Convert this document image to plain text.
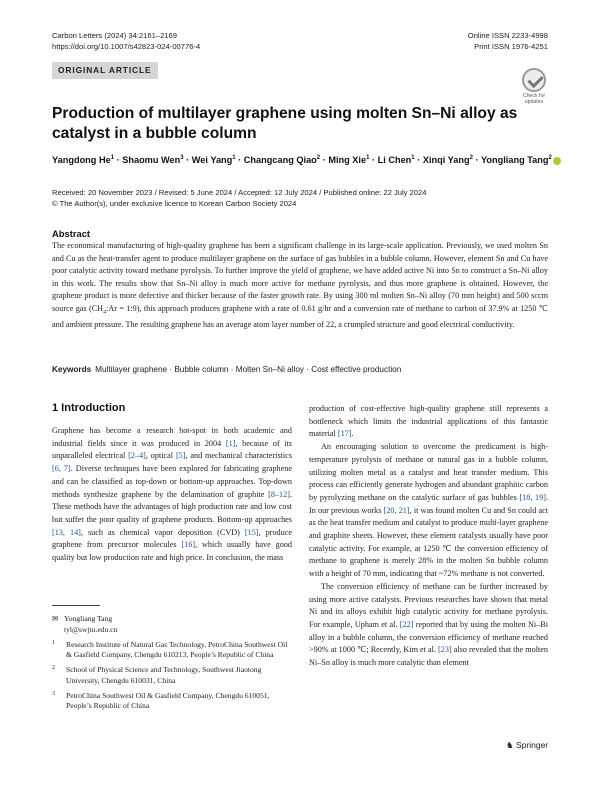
Carbon Letters (2024) 34:2161–2169
https://doi.org/10.1007/s42823-024-00776-4
Online ISSN 2233-4998
Print ISSN 1976-4251
ORIGINAL ARTICLE
Check for
updates
Production of multilayer graphene using molten Sn–Ni alloy as catalyst in a bubble column
Yangdong $He^1$ · Shaomu Wen$^3$ · Wei Yang$^1$ · Changcang Qiao$^2$ · Ming Xie$^1$ · Li Chen$^1$ · Xinqi Yang$^2$ · Yongliang Tang$^2$
Received: 20 November 2023 / Revised: 5 June 2024 / Accepted: 12 July 2024 / Published online: 22 July 2024
© The Author(s), under exclusive licence to Korean Carbon Society 2024
Abstract
The economical manufacturing of high-quality graphene has been a significant challenge in its large-scale application. Previously, we used molten Sn and Cu as the heat-transfer agent to produce multilayer graphene on the surface of gas bubbles in a bubble column. However, element Sn and Cu have poor catalytic activity toward methane pyrolysis. To further improve the yield of graphene, we have added active Ni into Sn to construct a Sn–Ni alloy in this work. The results show that Sn–Ni alloy is much more active for methane pyrolysis, and thus more graphene is obtained. However, the graphene product is more defective and thicker because of the faster growth rate. By using 300 ml molten Sn–Ni alloy (70 mm height) and 500 sccm source gas ($CH_4:Ar$ = 1:9), this approach produces graphene with a rate of 0.61 g/hr and a conversion rate of methane to carbon of 37.9% at 1250 ℃ and ambient pressure. The resulting graphene has an average atom layer number of 22, a crumpled structure and good electrical conductivity.
Keywords Multilayer graphene · Bubble column · Molten Sn–Ni alloy · Cost effective production
1 Introduction

Graphene has become a research hot-spot in both academic and industrial fields since it was produced in 2004 [1], because of its unparalleled electrical [2–4], optical [5], and mechanical characteristics [6, 7]. Diverse techniques have been explored for fabricating graphene and can be classified as top-down or bottom-up approaches. Top-down methods synthesize graphene by the delamination of graphite [8–12]. These methods have the advantages of high production rate and low cost but suffer the poor quality of graphene products. Bottom-up approaches [13, 14], such as chemical vapor deposition (CVD) [15], produce graphene from precursor molecules [16], which usually have good quality but low production rate and high price. In conclusion, the mass

production of cost-effective high-quality graphene still represents a bottleneck which limits the industrial applications of this fantastic material [17].

An encouraging solution to overcome the predicament is high-temperature pyrolysis of methane or natural gas in a bubble column, utilizing molten metal as a catalyst and heat transfer medium. This process can efficiently generate hydrogen and abundant graphitic carbon by pyrolyzing methane on the catalytic surface of gas bubbles [18, 19]. In our previous works [20, 21], it was found molten Cu and Sn could act as the heat transfer medium and catalyst to produce multi-layer graphene and graphite sheets. However, these element catalysts usually have poor catalytic activity. For example, at 1250 ℃ the conversion efficiency of methane to graphene is merely 28% in the molten Sn bubble column with a height of 70 mm, indicating that ~72% methane is not converted.

The conversion efficiency of methane can be further increased by using more active catalysts. Previous researches have shown that metal Ni and its alloys exhibit high catalytic activity for methane pyrolysis. For example, Upham et al. [22] reported that by using the molten Ni–Bi alloy in a bubble column, the conversion efficiency of methane reached >90% at 1000 ℃; Recently, Kim et al. [23] also revealed that the molten Ni–Sn alloy is much more catalytic than element

✉ Yongliang Tang
tyl@swjtu.edu.cn
1 Research Institute of Natural Gas Technology, PetroChina Southwest Oil & Gasfield Company, Chengdu 610213, People’s Republic of China
2 School of Physical Science and Technology, Southwest Jiaotong University, Chengdu 610031, China
3 PetroChina Southwest Oil & Gasfield Company, Chengdu 610051, People’s Republic of China
♞ Springer
